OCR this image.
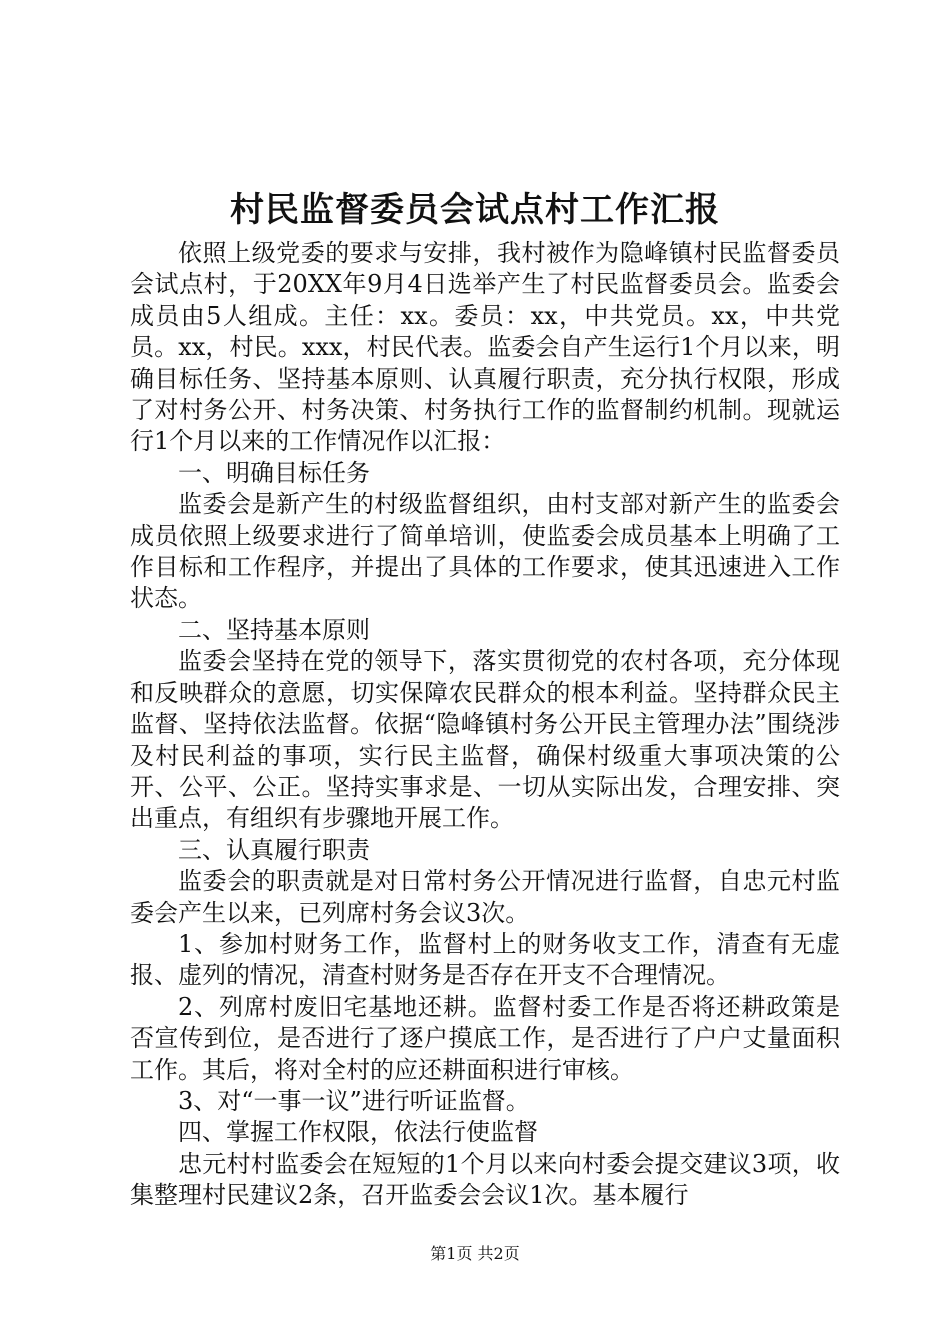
村民监督委员会试点村工作汇报

依照上级党委的要求与安排，我村被作为隐峰镇村民监督委员会试点村，于20XX年9月4日选举产生了村民监督委员会。监委会成员由5人组成。主任：xx。委员：xx，中共党员。xx，中共党员。xx，村民。xxx，村民代表。监委会自产生运行1个月以来，明确目标任务、坚持基本原则、认真履行职责，充分执行权限，形成了对村务公开、村务决策、村务执行工作的监督制约机制。现就运行1个月以来的工作情况作以汇报：

一、明确目标任务

监委会是新产生的村级监督组织，由村支部对新产生的监委会成员依照上级要求进行了简单培训，使监委会成员基本上明确了工作目标和工作程序，并提出了具体的工作要求，使其迅速进入工作状态。

二、坚持基本原则

监委会坚持在党的领导下，落实贯彻党的农村各项，充分体现和反映群众的意愿，切实保障农民群众的根本利益。坚持群众民主监督、坚持依法监督。依据“隐峰镇村务公开民主管理办法”围绕涉及村民利益的事项，实行民主监督，确保村级重大事项决策的公开、公平、公正。坚持实事求是、一切从实际出发，合理安排、突出重点，有组织有步骤地开展工作。

三、认真履行职责

监委会的职责就是对日常村务公开情况进行监督，自忠元村监委会产生以来，已列席村务会议3次。

1、参加村财务工作，监督村上的财务收支工作，清查有无虚报、虚列的情况，清查村财务是否存在开支不合理情况。

2、列席村废旧宅基地还耕。监督村委工作是否将还耕政策是否宣传到位，是否进行了逐户摸底工作，是否进行了户户丈量面积工作。其后，将对全村的应还耕面积进行审核。

3、对“一事一议”进行听证监督。

四、掌握工作权限，依法行使监督

忠元村村监委会在短短的1个月以来向村委会提交建议3项，收集整理村民建议2条，召开监委会会议1次。基本履行

第1页 共2页
